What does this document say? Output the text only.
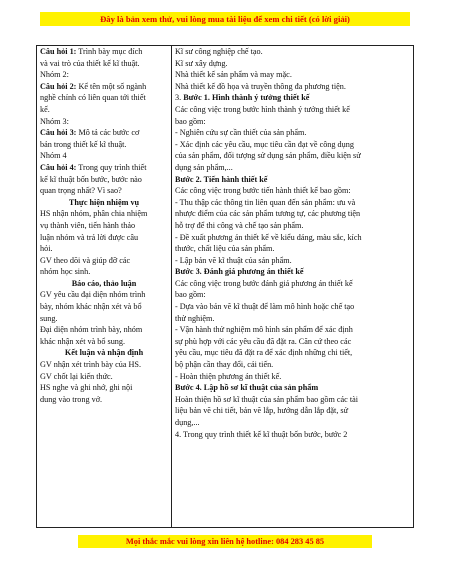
Đây là bản xem thử, vui lòng mua tài liệu để xem chi tiết (có lời giải)
Câu hỏi 1: Trình bày mục đích
và vai trò của thiết kế kĩ thuật.
Nhóm 2:
Câu hỏi 2: Kể tên một số ngành
nghề chính có liên quan tới thiết
kế.
Nhóm 3:
Câu hỏi 3: Mô tả các bước cơ
bản trong thiết kế kĩ thuật.
Nhóm 4
Câu hỏi 4: Trong quy trình thiết
kế kĩ thuật bốn bước, bước nào
quan trọng nhất? Vì sao?
Thực hiện nhiệm vụ
HS nhận nhóm, phân chia nhiệm
vụ thành viên, tiến hành thảo
luận nhóm và trả lời được câu
hỏi.
GV theo dõi và giúp đỡ các
nhóm học sinh.
Báo cáo, thảo luận
GV yêu cầu đại diện nhóm trình
bày, nhóm khác nhận xét và bổ
sung.
Đại diện nhóm trình bày, nhóm
khác nhận xét và bổ sung.
Kết luận và nhận định
GV nhận xét trình bày của HS.
GV chốt lại kiến thức.
HS nghe và ghi nhớ, ghi nội
dung vào trong vở.
Kĩ sư công nghiệp chế tạo.
Kĩ sư xây dựng.
Nhà thiết kế sản phẩm và may mặc.
Nhà thiết kế đồ họa và truyền thông đa phương tiện.
3. Bước 1. Hình thành ý tưởng thiết kế
Các công việc trong bước hình thành ý tưởng thiết kế
bao gồm:
- Nghiên cứu sự cần thiết của sản phẩm.
- Xác định các yêu cầu, mục tiêu cần đạt về công dụng
của sản phẩm, đối tượng sử dụng sản phẩm, điều kiện sử
dụng sản phẩm,...
Bước 2. Tiến hành thiết kế
Các công việc trong bước tiến hành thiết kế bao gồm:
- Thu thập các thông tin liên quan đến sản phẩm: ưu và
nhược điểm của các sản phẩm tương tự, các phương tiện
hỗ trợ để thi công và chế tạo sản phẩm.
- Đề xuất phương án thiết kế về kiểu dáng, màu sắc, kích
thước, chất liệu của sản phẩm.
- Lập bản vẽ kĩ thuật của sản phẩm.
Bước 3. Đánh giá phương án thiết kế
Các công việc trong bước đánh giá phương án thiết kế
bao gồm:
- Dựa vào bản vẽ kĩ thuật để làm mô hình hoặc chế tạo
thử nghiệm.
- Vận hành thử nghiệm mô hình sản phẩm để xác định
sự phù hợp với các yêu cầu đã đặt ra. Căn cứ theo các
yêu cầu, mục tiêu đã đặt ra để xác định những chi tiết,
bộ phận cần thay đổi, cải tiến.
- Hoàn thiện phương án thiết kế.
Bước 4. Lập hồ sơ kĩ thuật của sản phẩm
Hoàn thiện hồ sơ kĩ thuật của sản phẩm bao gồm các tài
liệu bản vẽ chi tiết, bản vẽ lắp, hướng dẫn lắp đặt, sử
dụng,...
4. Trong quy trình thiết kế kĩ thuật bốn bước, bước 2
Mọi thắc mắc vui lòng xin liên hệ hotline: 084 283 45 85
